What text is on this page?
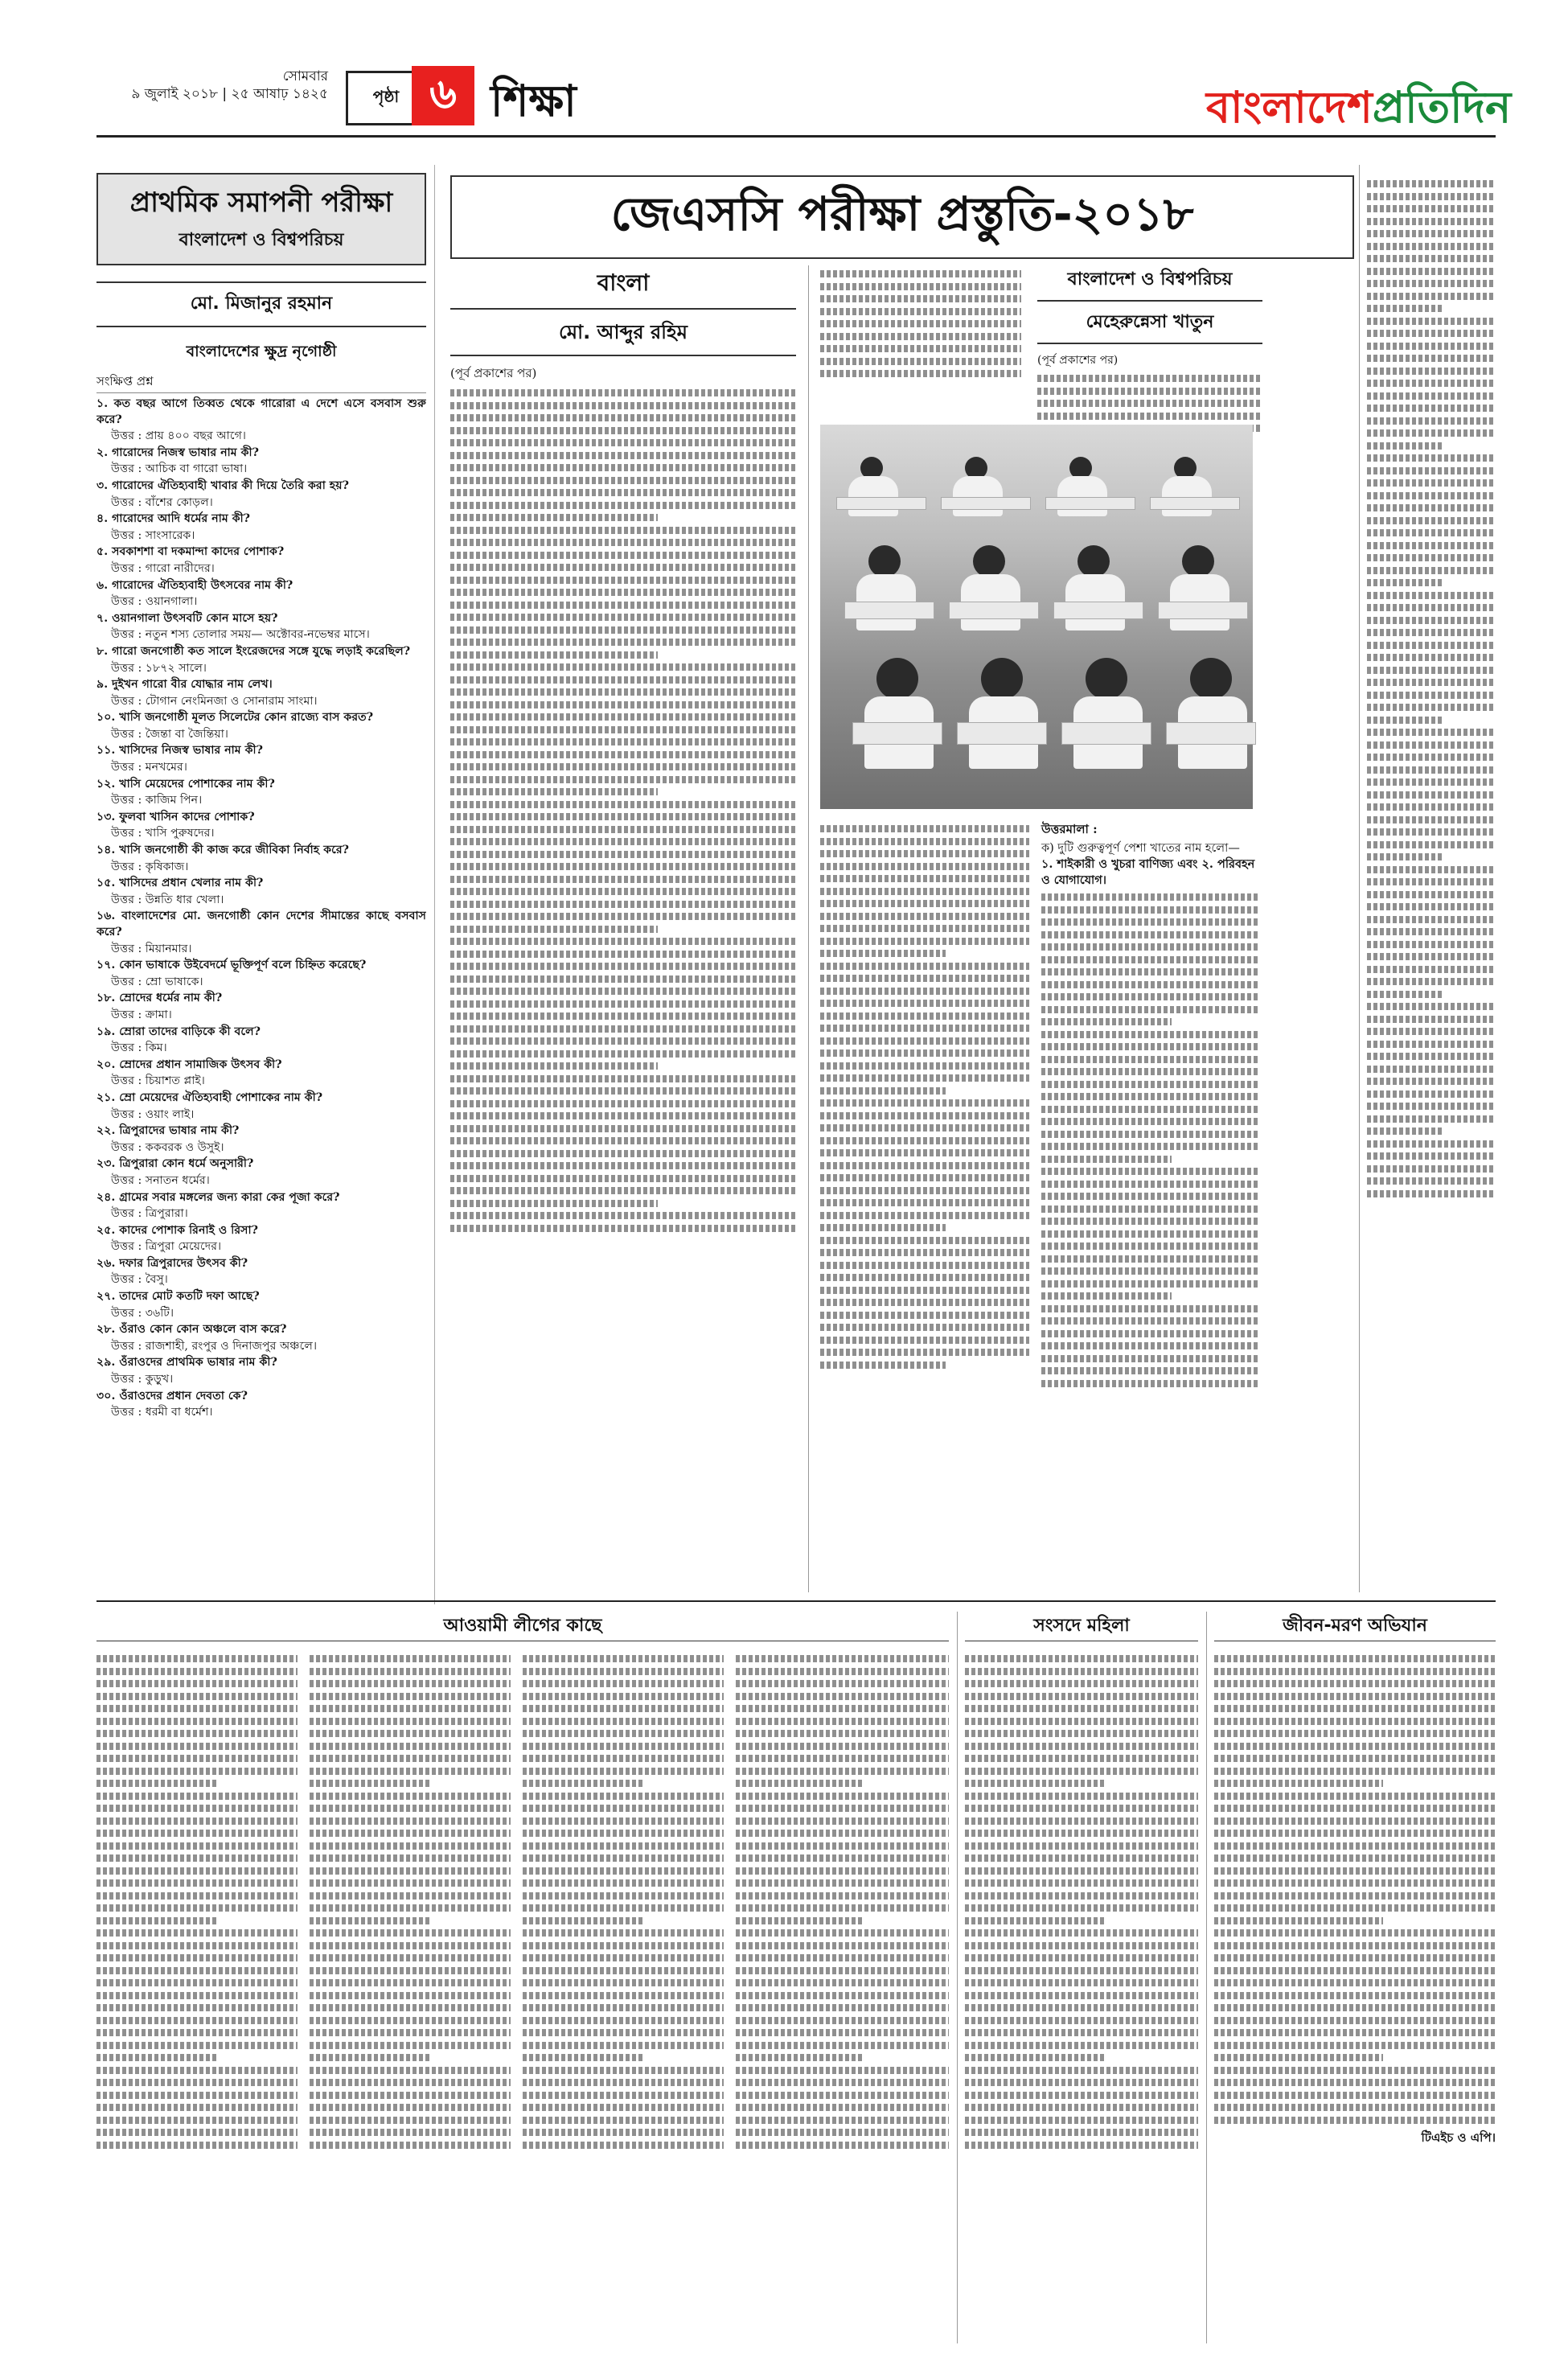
সোমবার
৯ জুলাই ২০১৮ | ২৫ আষাঢ় ১৪২৫	পৃষ্ঠা ৬ শিক্ষা	বাংলাদেশপ্রতিদিন
প্রাথমিক সমাপনী পরীক্ষা
বাংলাদেশ ও বিশ্বপরিচয়
মো. মিজানুর রহমান
বাংলাদেশের ক্ষুদ্র নৃগোষ্ঠী
সংক্ষিপ্ত প্রশ্ন

১. কত বছর আগে তিব্বত থেকে গারোরা এ দেশে এসে বসবাস শুরু করে?

উত্তর : প্রায় ৪০০ বছর আগে।

২. গারোদের নিজস্ব ভাষার নাম কী?

উত্তর : আচিক বা গারো ভাষা।

৩. গারোদের ঐতিহ্যবাহী খাবার কী দিয়ে তৈরি করা হয়?

উত্তর : বাঁশের কোড়ল।

৪. গারোদের আদি ধর্মের নাম কী?

উত্তর : সাংসারেক।

৫. সবকাশশা বা দকমান্দা কাদের পোশাক?

উত্তর : গারো নারীদের।

৬. গারোদের ঐতিহ্যবাহী উৎসবের নাম কী?

উত্তর : ওয়ানগালা।

৭. ওয়ানগালা উৎসবটি কোন মাসে হয়?

উত্তর : নতুন শস্য তোলার সময়— অক্টোবর-নভেম্বর মাসে।

৮. গারো জনগোষ্ঠী কত সালে ইংরেজদের সঙ্গে যুদ্ধে লড়াই করেছিল?

উত্তর : ১৮৭২ সালে।

৯. দুইখন গারো বীর যোদ্ধার নাম লেখ।

উত্তর : টোগান নেংমিনজা ও সোনারাম সাংমা।

১০. খাসি জনগোষ্ঠী মূলত সিলেটের কোন রাজ্যে বাস করত?

উত্তর : জৈন্তা বা জৈন্তিয়া।

১১. খাসিদের নিজস্ব ভাষার নাম কী?

উত্তর : মনখমের।

১২. খাসি মেয়েদের পোশাকের নাম কী?

উত্তর : কাজিম পিন।

১৩. ফুলবা খাসিন কাদের পোশাক?

উত্তর : খাসি পুরুষদের।

১৪. খাসি জনগোষ্ঠী কী কাজ করে জীবিকা নির্বাহ করে?

উত্তর : কৃষিকাজ।

১৫. খাসিদের প্রধান খেলার নাম কী?

উত্তর : উন্নতি ধার খেলা।

১৬. বাংলাদেশের মো. জনগোষ্ঠী কোন দেশের সীমান্তের কাছে বসবাস করে?

উত্তর : মিয়ানমার।

১৭. কোন ভাষাকে উইবেদর্মে ভূক্তিপূর্ণ বলে চিহ্নিত করেছে?

উত্তর : ম্রো ভাষাকে।

১৮. ম্রোদের ধর্মের নাম কী?

উত্তর : ক্রামা।

১৯. ম্রোরা তাদের বাড়িকে কী বলে?

উত্তর : কিম।

২০. ম্রোদের প্রধান সামাজিক উৎসব কী?

উত্তর : চিয়াশত প্লাই।

২১. ম্রো মেয়েদের ঐতিহ্যবাহী পোশাকের নাম কী?

উত্তর : ওয়াং লাই।

২২. ত্রিপুরাদের ভাষার নাম কী?

উত্তর : ককবরক ও উসুই।

২৩. ত্রিপুরারা কোন ধর্মে অনুসারী?

উত্তর : সনাতন ধর্মের।

২৪. গ্রামের সবার মঙ্গলের জন্য কারা কের পূজা করে?

উত্তর : ত্রিপুরারা।

২৫. কাদের পোশাক রিনাই ও রিসা?

উত্তর : ত্রিপুরা মেয়েদের।

২৬. দফার ত্রিপুরাদের উৎসব কী?

উত্তর : বৈসু।

২৭. তাদের মোট কতটি দফা আছে?

উত্তর : ৩৬টি।

২৮. ওঁরাও কোন কোন অঞ্চলে বাস করে?

উত্তর : রাজশাহী, রংপুর ও দিনাজপুর অঞ্চলে।

২৯. ওঁরাওদের প্রাথমিক ভাষার নাম কী?

উত্তর : কুড়ুখ।

৩০. ওঁরাওদের প্রধান দেবতা কে?

উত্তর : ধরমী বা ধর্মেশ।

জেএসসি পরীক্ষা প্রস্তুতি-২০১৮
বাংলা
মো. আব্দুর রহিম
(পূর্ব প্রকাশের পর)
বাংলাদেশ ও বিশ্বপরিচয়
মেহেরুন্নেসা খাতুন
(পূর্ব প্রকাশের পর)
উত্তরমালা :
ক) দুটি গুরুত্বপূর্ণ পেশা খাতের নাম হলো—
১. শাইকারী ও খুচরা বাণিজ্য এবং ২. পরিবহন ও যোগাযোগ।
আওয়ামী লীগের কাছে	সংসদে মহিলা	জীবন-মরণ অভিযান
টিএইচ ও এপি।
